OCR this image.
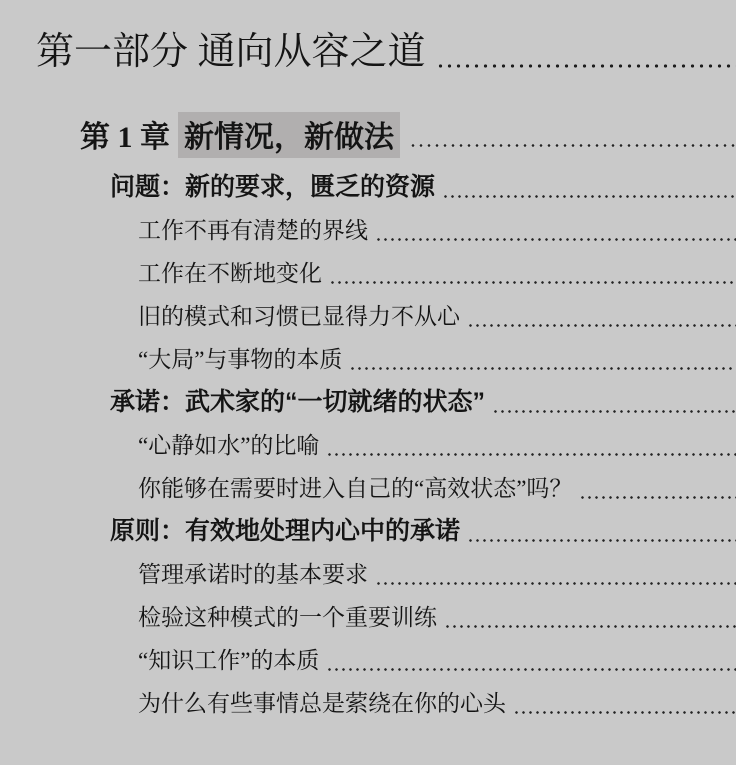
第一部分 通向从容之道
第 1 章 新情况，新做法
问题：新的要求，匮乏的资源
工作不再有清楚的界线
工作在不断地变化
旧的模式和习惯已显得力不从心
“大局”与事物的本质
承诺：武术家的“一切就绪的状态”
“心静如水”的比喻
你能够在需要时进入自己的“高效状态”吗？
原则：有效地处理内心中的承诺
管理承诺时的基本要求
检验这种模式的一个重要训练
“知识工作”的本质
为什么有些事情总是萦绕在你的心头
